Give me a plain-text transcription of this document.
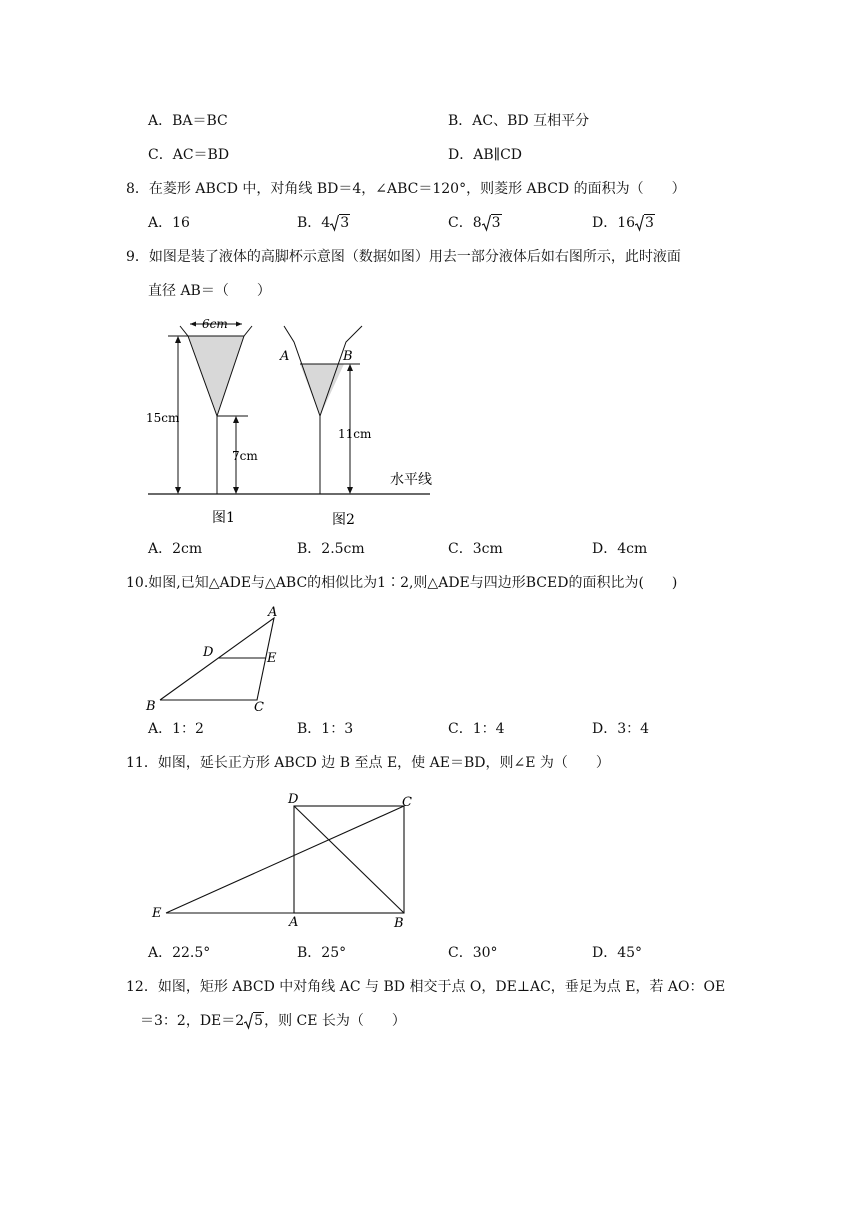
A．BA＝BC	B．AC、BD 互相平分
C．AC＝BD	D．AB∥CD
8．在菱形 ABCD 中，对角线 BD＝4，∠ABC＝120°，则菱形 ABCD 的面积为（　　）
A．16	B．4 3	C．8 3	D．16 3
9．如图是装了液体的高脚杯示意图（数据如图）用去一部分液体后如右图所示，此时液面
直径 AB＝（　　）
6cm
15cm
7cm
A	B
11cm
水平线
图1	图2
A．2cm	B．2.5cm	C．3cm	D．4cm
10.如图,已知△ADE与△ABC的相似比为1∶2,则△ADE与四边形BCED的面积比为(　　)
A
B	C
D	E
A．1：2	B．1：3	C．1：4	D．3：4
11．如图，延长正方形 ABCD 边 B 至点 E，使 AE＝BD，则∠E 为（　　）
D	C
E
A	B
A．22.5°	B．25°	C．30°	D．45°
12．如图，矩形 ABCD 中对角线 AC 与 BD 相交于点 O，DE⊥AC，垂足为点 E，若 AO：OE
＝3：2，DE＝2 5，则 CE 长为（　　）
